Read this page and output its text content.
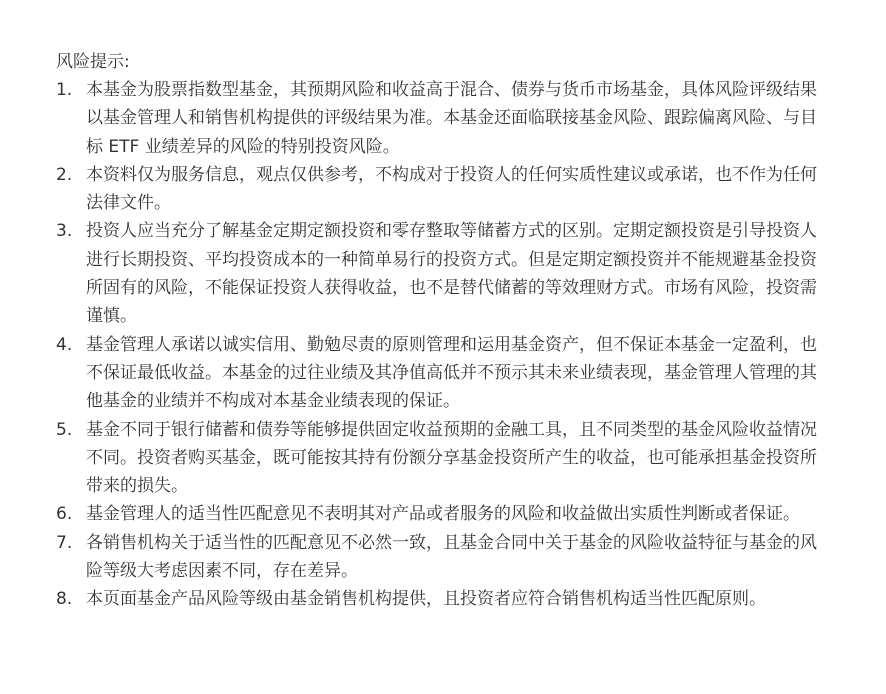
风险提示:

1. 本基金为股票指数型基金，其预期风险和收益高于混合、债券与货币市场基金，具体风险评级结果以基金管理人和销售机构提供的评级结果为准。本基金还面临联接基金风险、跟踪偏离风险、与目标 ETF 业绩差异的风险的特别投资风险。
2. 本资料仅为服务信息，观点仅供参考，不构成对于投资人的任何实质性建议或承诺，也不作为任何法律文件。
3. 投资人应当充分了解基金定期定额投资和零存整取等储蓄方式的区别。定期定额投资是引导投资人进行长期投资、平均投资成本的一种简单易行的投资方式。但是定期定额投资并不能规避基金投资所固有的风险，不能保证投资人获得收益，也不是替代储蓄的等效理财方式。市场有风险，投资需谨慎。
4. 基金管理人承诺以诚实信用、勤勉尽责的原则管理和运用基金资产，但不保证本基金一定盈利，也不保证最低收益。本基金的过往业绩及其净值高低并不预示其未来业绩表现，基金管理人管理的其他基金的业绩并不构成对本基金业绩表现的保证。
5. 基金不同于银行储蓄和债券等能够提供固定收益预期的金融工具，且不同类型的基金风险收益情况不同。投资者购买基金，既可能按其持有份额分享基金投资所产生的收益，也可能承担基金投资所带来的损失。
6. 基金管理人的适当性匹配意见不表明其对产品或者服务的风险和收益做出实质性判断或者保证。
7. 各销售机构关于适当性的匹配意见不必然一致，且基金合同中关于基金的风险收益特征与基金的风险等级大考虑因素不同，存在差异。
8. 本页面基金产品风险等级由基金销售机构提供，且投资者应符合销售机构适当性匹配原则。
